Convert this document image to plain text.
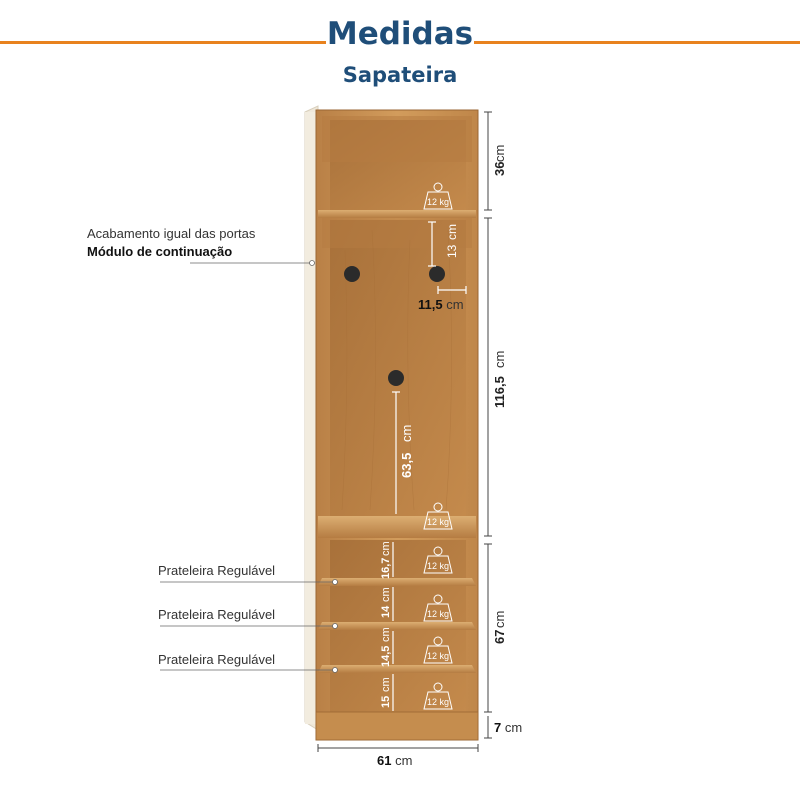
Medidas
Sapateira
36
cm
116,5
cm
67
cm
13
cm
63,5
cm
16,7
cm
14
cm
14,5
cm
15
cm
12 kg
12 kg
12 kg
12 kg
12 kg
12 kg
Acabamento igual das portas
Módulo de continuação
Prateleira Regulável
Prateleira Regulável
Prateleira Regulável
11,5 cm
7 cm
61 cm
